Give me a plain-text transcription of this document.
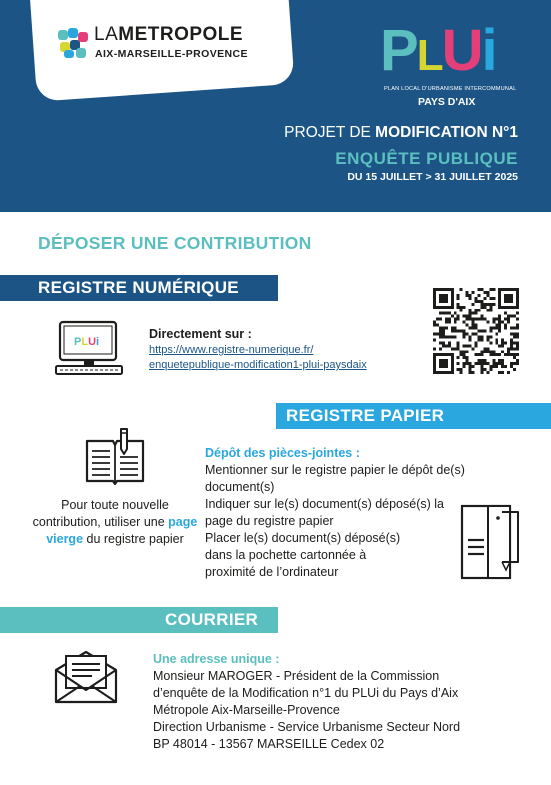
LAMETROPOLE
AIX-MARSEILLE-PROVENCE PLUi
PLAN LOCAL D'URBANISME INTERCOMMUNAL
PAYS D'AIX
PROJET DE MODIFICATION N°1
ENQUÊTE PUBLIQUE
DU 15 JUILLET > 31 JUILLET 2025
DÉPOSER UNE CONTRIBUTION
REGISTRE NUMÉRIQUE
PLUi
Directement sur :
https://www.registre-numerique.fr/
enquetepublique-modification1-plui-paysdaix
REGISTRE PAPIER
Pour toute nouvelle contribution, utiliser une page vierge du registre papier
Dépôt des pièces-jointes :
Mentionner sur le registre papier le dépôt de(s)
document(s)
Indiquer sur le(s) document(s) déposé(s) la
page du registre papier
Placer le(s) document(s) déposé(s)
dans la pochette cartonnée à
proximité de l’ordinateur
COURRIER
Une adresse unique :
Monsieur MAROGER - Président de la Commission
d’enquête de la Modification n°1 du PLUi du Pays d’Aix
Métropole Aix-Marseille-Provence
Direction Urbanisme - Service Urbanisme Secteur Nord
BP 48014 - 13567 MARSEILLE Cedex 02
